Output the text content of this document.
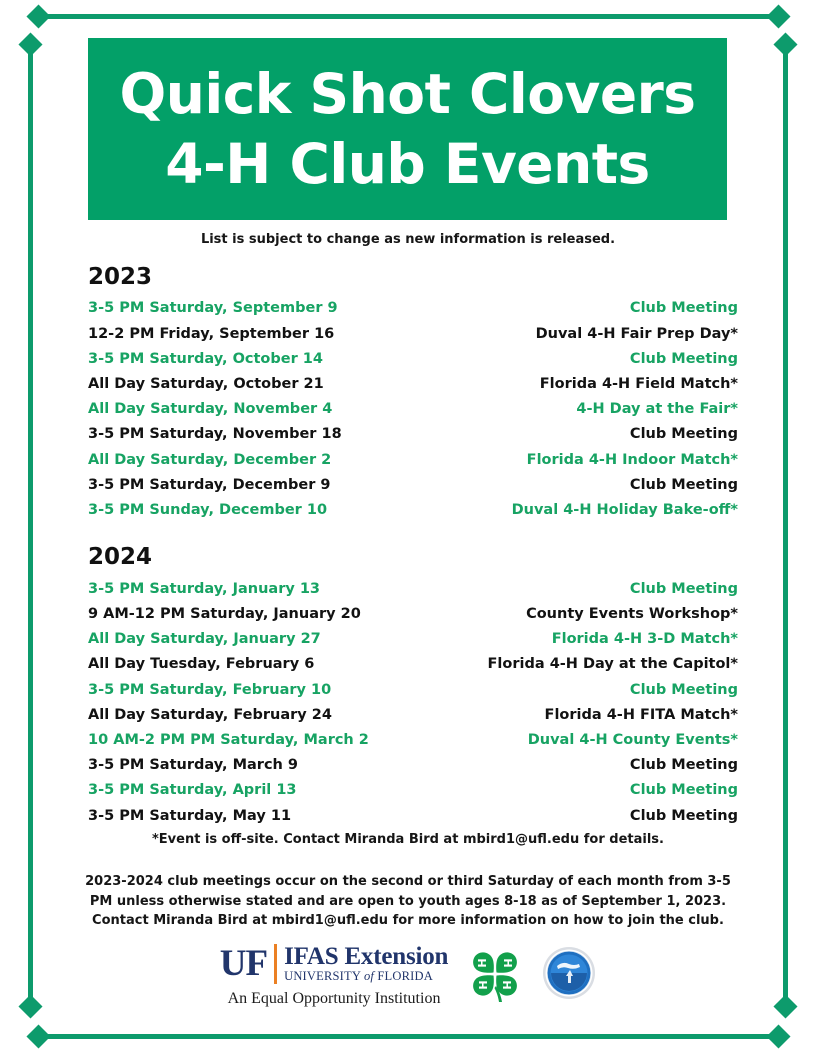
Quick Shot Clovers
4-H Club Events
List is subject to change as new information is released.
2023
3-5 PM Saturday, September 9	Club Meeting
12-2 PM Friday, September 16	Duval 4-H Fair Prep Day*
3-5 PM Saturday, October 14	Club Meeting
All Day Saturday, October 21	Florida 4-H Field Match*
All Day Saturday, November 4	4-H Day at the Fair*
3-5 PM Saturday, November 18	Club Meeting
All Day Saturday, December 2	Florida 4-H Indoor Match*
3-5 PM Saturday, December 9	Club Meeting
3-5 PM Sunday, December 10	Duval 4-H Holiday Bake-off*
2024
3-5 PM Saturday, January 13	Club Meeting
9 AM-12 PM Saturday, January 20	County Events Workshop*
All Day Saturday, January 27	Florida 4-H 3-D Match*
All Day Tuesday, February 6	Florida 4-H Day at the Capitol*
3-5 PM Saturday, February 10	Club Meeting
All Day Saturday, February 24	Florida 4-H FITA Match*
10 AM-2 PM PM Saturday, March 2	Duval 4-H County Events*
3-5 PM Saturday, March 9	Club Meeting
3-5 PM Saturday, April 13	Club Meeting
3-5 PM Saturday, May 11	Club Meeting
*Event is off-site. Contact Miranda Bird at mbird1@ufl.edu for details.
2023-2024 club meetings occur on the second or third Saturday of each month from 3-5 PM unless otherwise stated and are open to youth ages 8-18 as of September 1, 2023. Contact Miranda Bird at mbird1@ufl.edu for more information on how to join the club.
UF IFAS Extension
UNIVERSITY of FLORIDA
An Equal Opportunity Institution
H H
H H
